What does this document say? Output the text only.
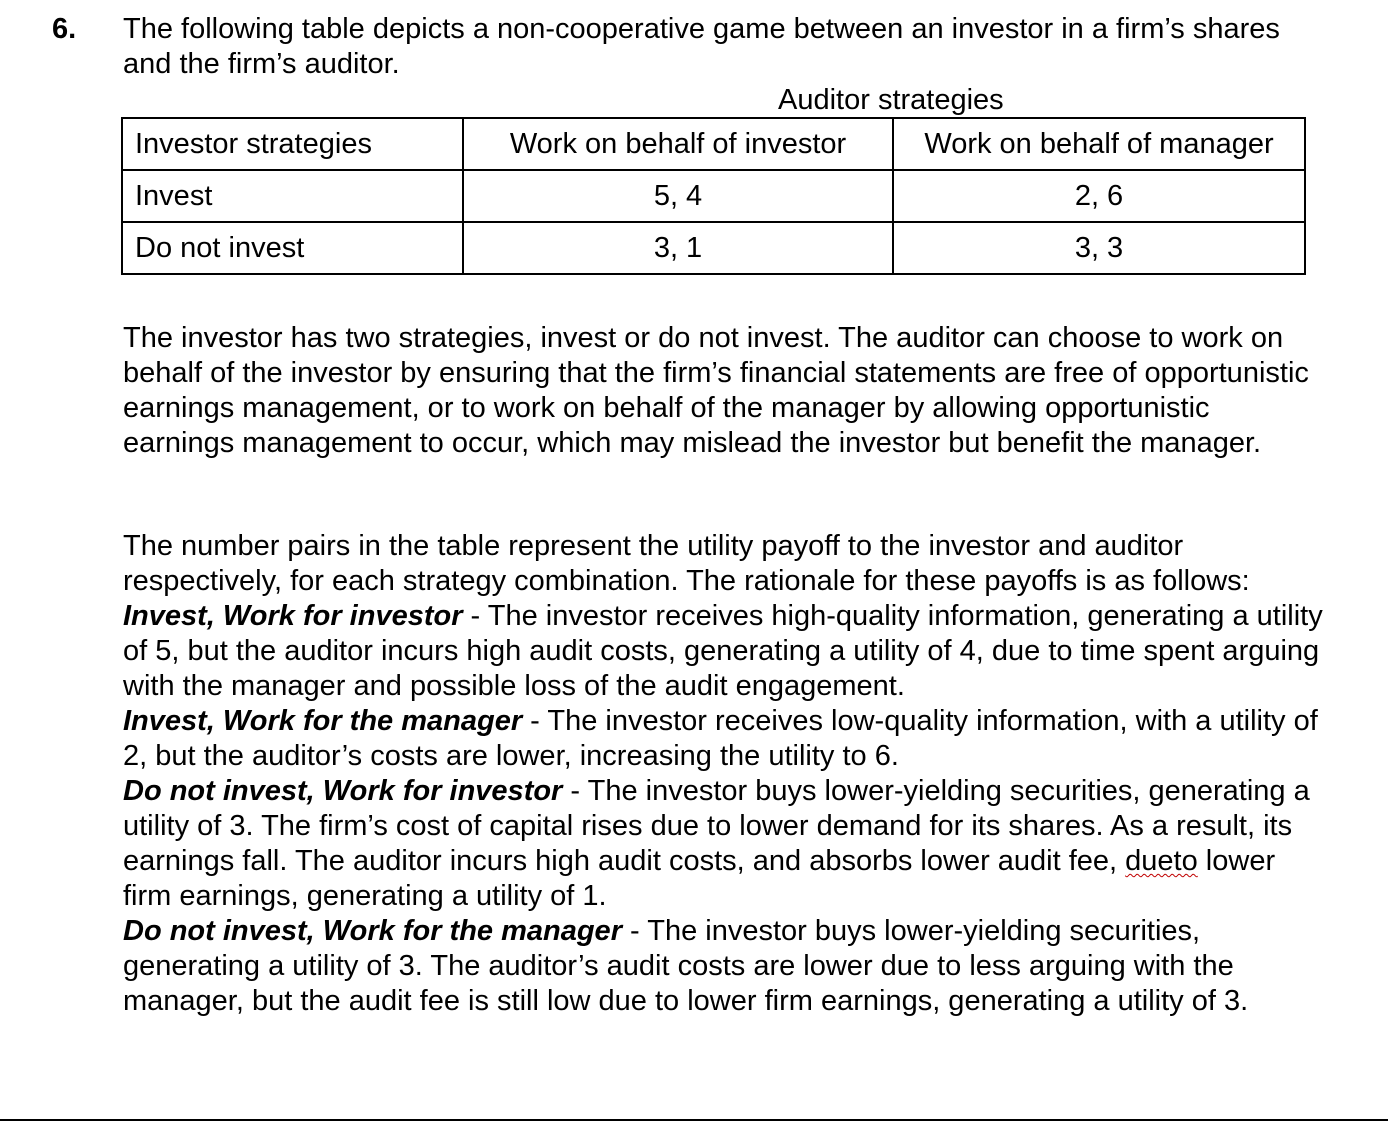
6. The following table depicts a non-cooperative game between an investor in a firm’s shares and the firm’s auditor.
Auditor strategies
Investor strategies	Work on behalf of investor	Work on behalf of manager
Invest	5, 4	2, 6
Do not invest	3, 1	3, 3
The investor has two strategies, invest or do not invest. The auditor can choose to work on behalf of the investor by ensuring that the firm’s financial statements are free of opportunistic earnings management, or to work on behalf of the manager by allowing opportunistic earnings management to occur, which may mislead the investor but benefit the manager.
The number pairs in the table represent the utility payoff to the investor and auditor respectively, for each strategy combination. The rationale for these payoffs is as follows:
Invest, Work for investor - The investor receives high-quality information, generating a utility of 5, but the auditor incurs high audit costs, generating a utility of 4, due to time spent arguing with the manager and possible loss of the audit engagement.
Invest, Work for the manager - The investor receives low-quality information, with a utility of 2, but the auditor’s costs are lower, increasing the utility to 6.
Do not invest, Work for investor - The investor buys lower-yielding securities, generating a utility of 3. The firm’s cost of capital rises due to lower demand for its shares. As a result, its earnings fall. The auditor incurs high audit costs, and absorbs lower audit fee, dueto lower firm earnings, generating a utility of 1.
Do not invest, Work for the manager - The investor buys lower-yielding securities, generating a utility of 3. The auditor’s audit costs are lower due to less arguing with the manager, but the audit fee is still low due to lower firm earnings, generating a utility of 3.
